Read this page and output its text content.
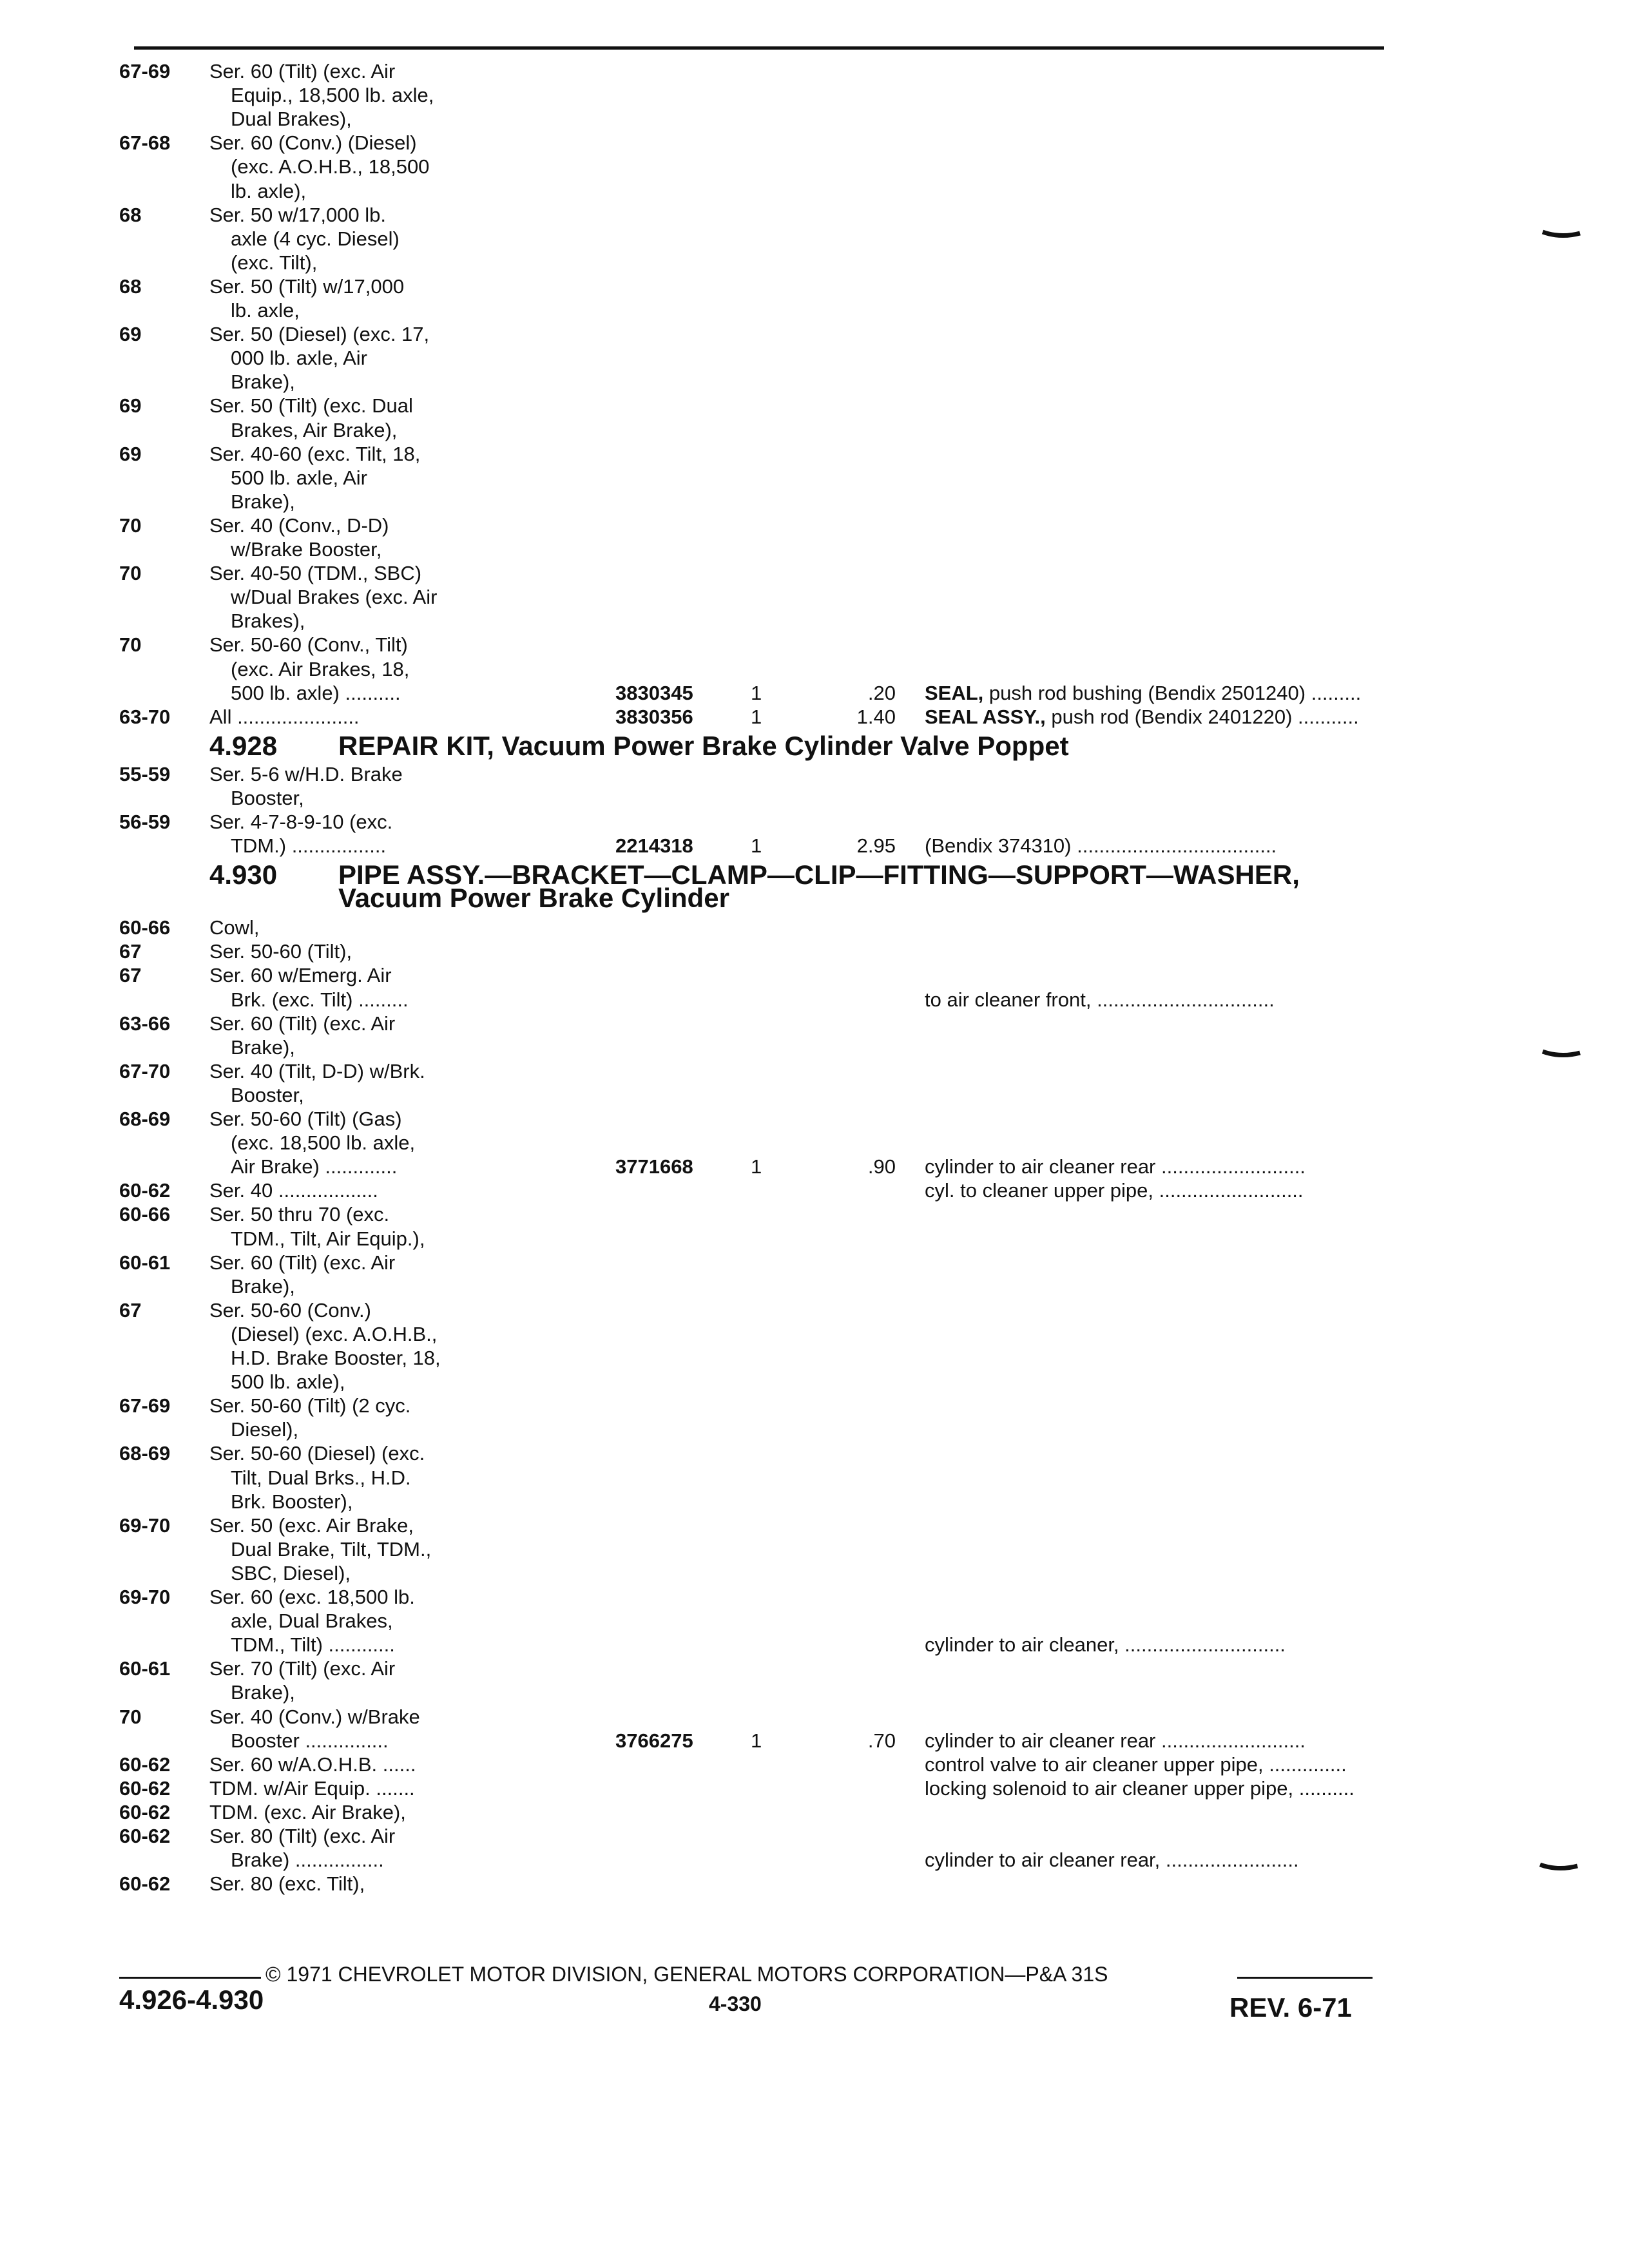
67-69 Ser. 60 (Tilt) (exc. Air
Equip., 18,500 lb. axle,
Dual Brakes),
67-68 Ser. 60 (Conv.) (Diesel)
(exc. A.O.H.B., 18,500
lb. axle),
68	Ser. 50 w/17,000 lb.
axle (4 cyc. Diesel)
(exc. Tilt),
68	Ser. 50 (Tilt) w/17,000
lb. axle,
69	Ser. 50 (Diesel) (exc. 17,
000 lb. axle, Air
Brake),
69	Ser. 50 (Tilt) (exc. Dual
Brakes, Air Brake),
69	Ser. 40-60 (exc. Tilt, 18,
500 lb. axle, Air
Brake),
70	Ser. 40 (Conv., D-D)
w/Brake Booster,
70	Ser. 40-50 (TDM., SBC)
w/Dual Brakes (exc. Air
Brakes),
70	Ser. 50-60 (Conv., Tilt)
(exc. Air Brakes, 18,
500 lb. axle) ..........	3830345	1	.20 SEAL, push rod bushing (Bendix 2501240) .........
63-70 All ......................	3830356	1	1.40 SEAL ASSY., push rod (Bendix 2401220) ...........
4.928 REPAIR KIT, Vacuum Power Brake Cylinder Valve Poppet
55-59 Ser. 5-6 w/H.D. Brake
Booster,
56-59 Ser. 4-7-8-9-10 (exc.
TDM.) .................	2214318	1	2.95 (Bendix 374310) ....................................
4.930 PIPE ASSY.—BRACKET—CLAMP—CLIP—FITTING—SUPPORT—WASHER,
Vacuum Power Brake Cylinder
60-66 Cowl,
67	Ser. 50-60 (Tilt),
67	Ser. 60 w/Emerg. Air
Brk. (exc. Tilt) .........	to air cleaner front, ................................
63-66 Ser. 60 (Tilt) (exc. Air
Brake),
67-70 Ser. 40 (Tilt, D-D) w/Brk.
Booster,
68-69 Ser. 50-60 (Tilt) (Gas)
(exc. 18,500 lb. axle,
Air Brake) .............	3771668	1	.90 cylinder to air cleaner rear ..........................
60-62 Ser. 40 ..................	cyl. to cleaner upper pipe, ..........................
60-66 Ser. 50 thru 70 (exc.
TDM., Tilt, Air Equip.),
60-61 Ser. 60 (Tilt) (exc. Air
Brake),
67	Ser. 50-60 (Conv.)
(Diesel) (exc. A.O.H.B.,
H.D. Brake Booster, 18,
500 lb. axle),
67-69 Ser. 50-60 (Tilt) (2 cyc.
Diesel),
68-69 Ser. 50-60 (Diesel) (exc.
Tilt, Dual Brks., H.D.
Brk. Booster),
69-70 Ser. 50 (exc. Air Brake,
Dual Brake, Tilt, TDM.,
SBC, Diesel),
69-70 Ser. 60 (exc. 18,500 lb.
axle, Dual Brakes,
TDM., Tilt) ............	cylinder to air cleaner, .............................
60-61 Ser. 70 (Tilt) (exc. Air
Brake),
70	Ser. 40 (Conv.) w/Brake
Booster ...............	3766275	1	.70 cylinder to air cleaner rear ..........................
60-62 Ser. 60 w/A.O.H.B. ......	control valve to air cleaner upper pipe, ..............
60-62 TDM. w/Air Equip. .......	locking solenoid to air cleaner upper pipe, ..........
60-62 TDM. (exc. Air Brake),
60-62 Ser. 80 (Tilt) (exc. Air
Brake) ................	cylinder to air cleaner rear, ........................
60-62 Ser. 80 (exc. Tilt),
© 1971 CHEVROLET MOTOR DIVISION, GENERAL MOTORS CORPORATION—P&A 31S
4.926-4.930	4-330	REV. 6-71
